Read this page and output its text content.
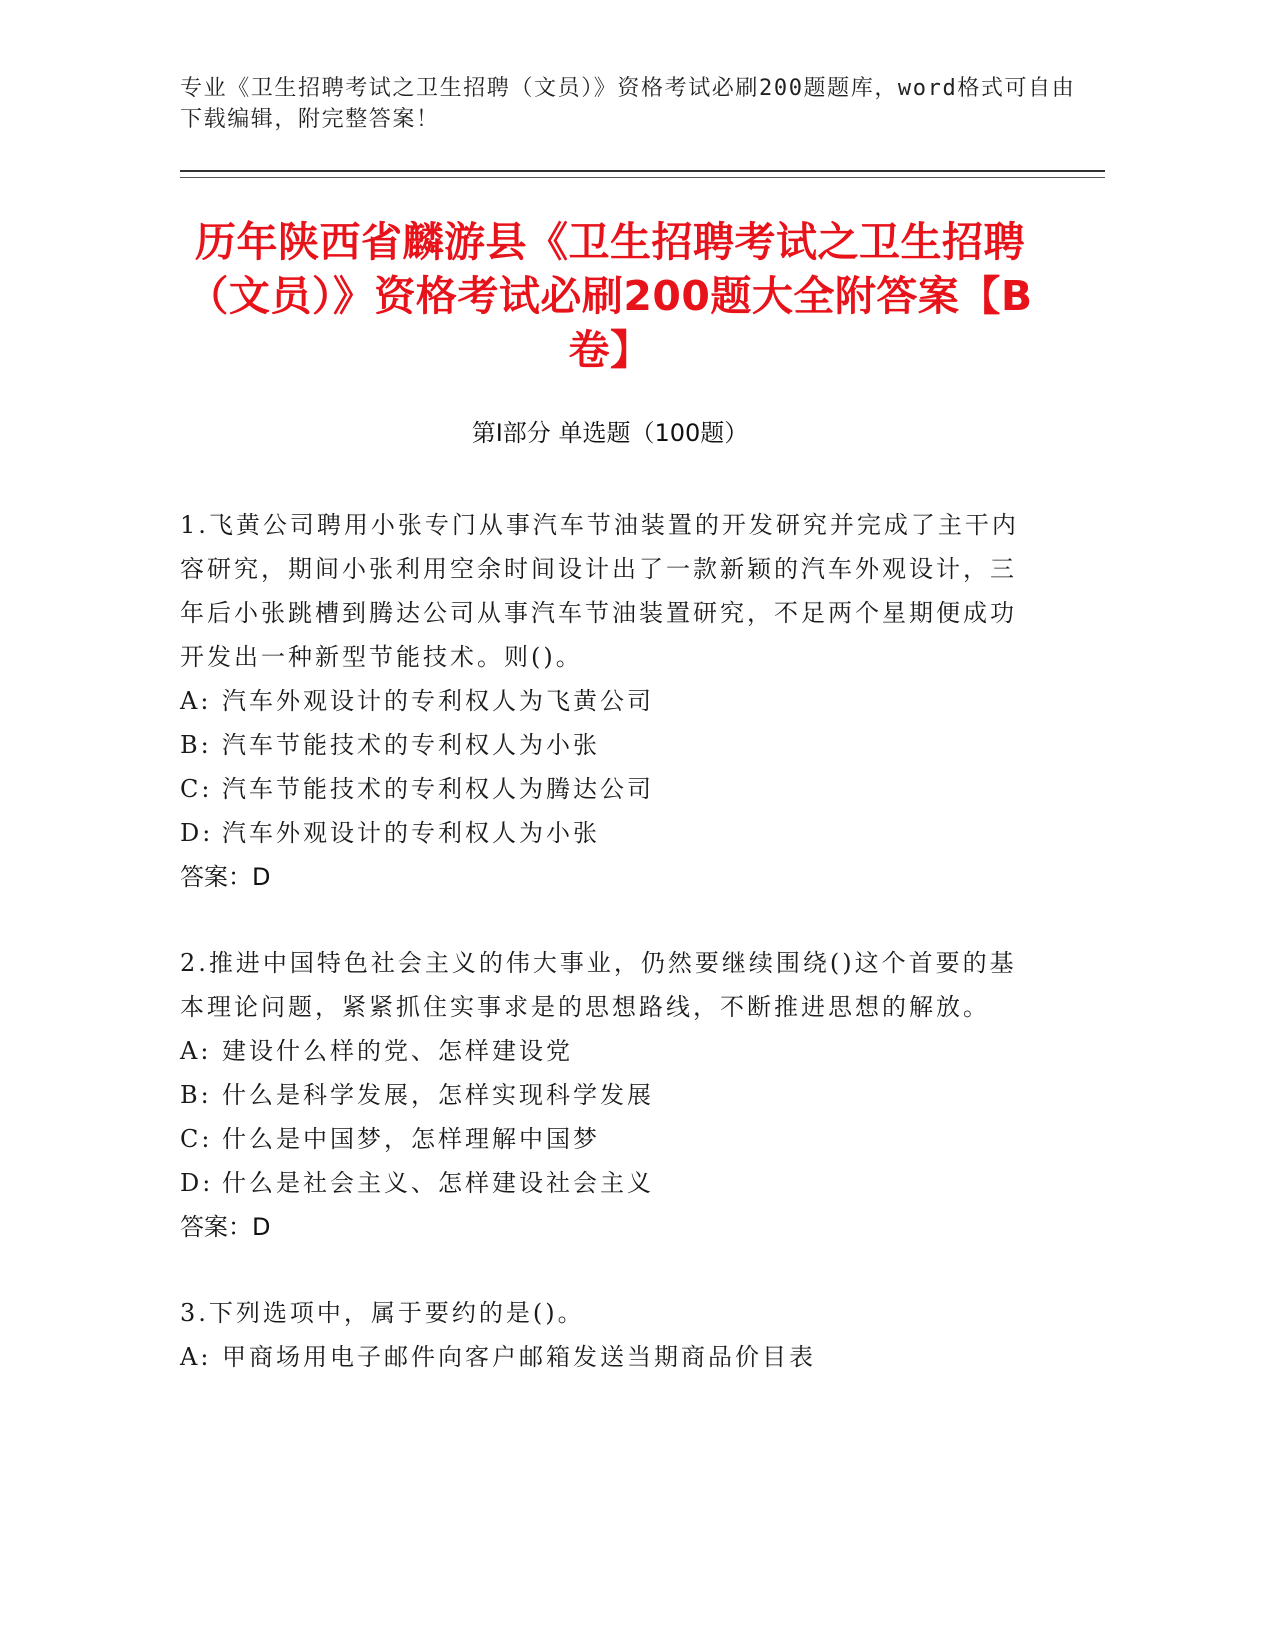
专业《卫生招聘考试之卫生招聘（文员）》资格考试必刷200题题库，word格式可自由下载编辑，附完整答案！
历年陕西省麟游县《卫生招聘考试之卫生招聘（文员）》资格考试必刷200题大全附答案【B卷】
第I部分 单选题（100题）
1.飞黄公司聘用小张专门从事汽车节油装置的开发研究并完成了主干内容研究，期间小张利用空余时间设计出了一款新颖的汽车外观设计，三年后小张跳槽到腾达公司从事汽车节油装置研究，不足两个星期便成功开发出一种新型节能技术。则()。
A: 汽车外观设计的专利权人为飞黄公司
B: 汽车节能技术的专利权人为小张
C: 汽车节能技术的专利权人为腾达公司
D: 汽车外观设计的专利权人为小张
答案：D
2.推进中国特色社会主义的伟大事业，仍然要继续围绕()这个首要的基本理论问题，紧紧抓住实事求是的思想路线，不断推进思想的解放。
A: 建设什么样的党、怎样建设党
B: 什么是科学发展，怎样实现科学发展
C: 什么是中国梦，怎样理解中国梦
D: 什么是社会主义、怎样建设社会主义
答案：D
3.下列选项中，属于要约的是()。
A: 甲商场用电子邮件向客户邮箱发送当期商品价目表
